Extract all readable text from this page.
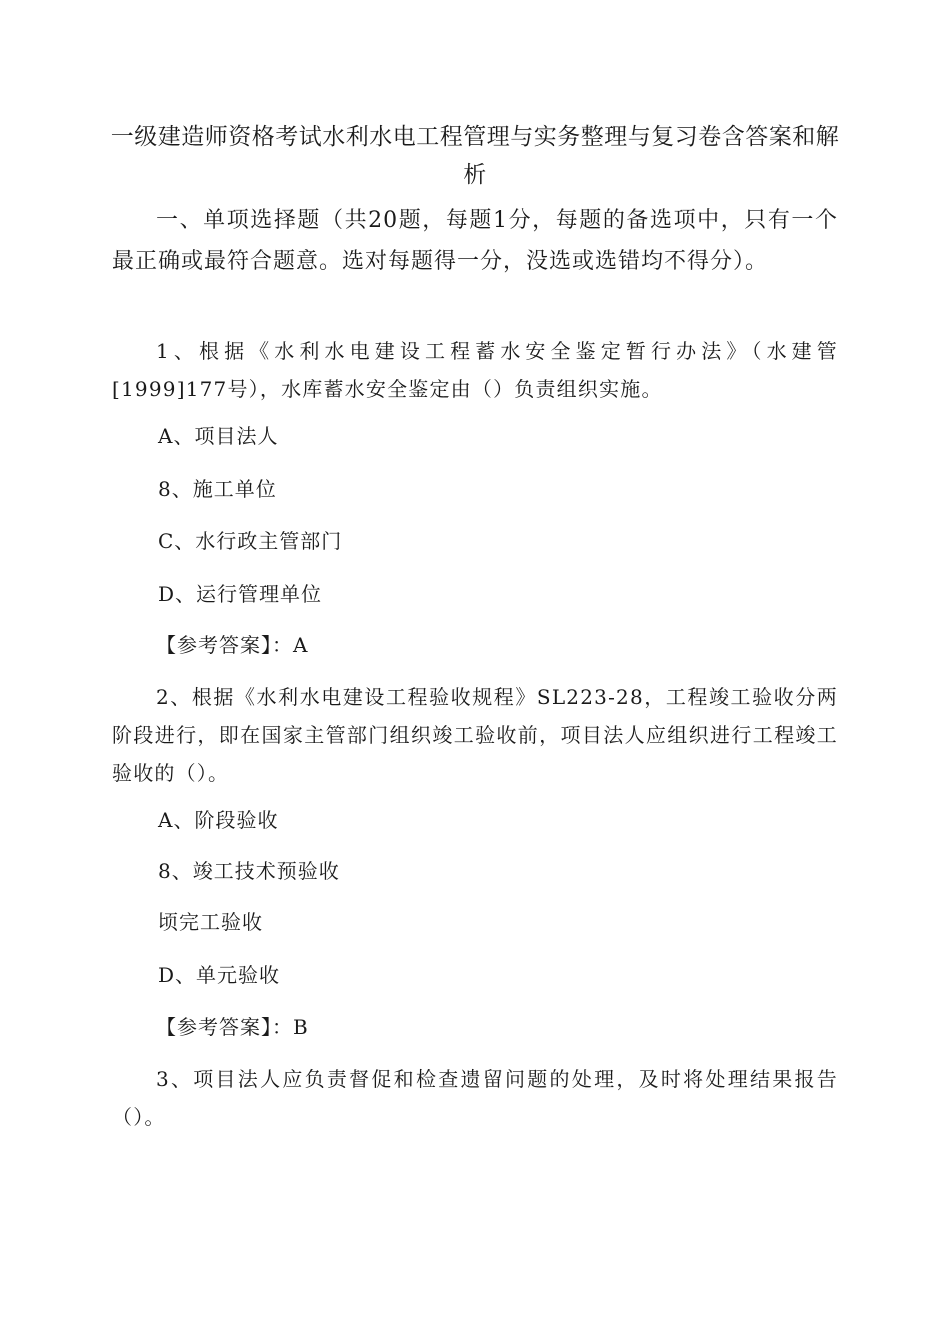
一级建造师资格考试水利水电工程管理与实务整理与复习卷含答案和解析
一、单项选择题（共20题，每题1分，每题的备选项中，只有一个最正确或最符合题意。选对每题得一分，没选或选错均不得分）。
1、根据《水利水电建设工程蓄水安全鉴定暂行办法》（水建管[1999]177号），水库蓄水安全鉴定由（）负责组织实施。
A、项目法人
8、施工单位
C、水行政主管部门
D、运行管理单位
【参考答案】：A
2、根据《水利水电建设工程验收规程》SL223-28，工程竣工验收分两阶段进行，即在国家主管部门组织竣工验收前，项目法人应组织进行工程竣工验收的（）。
A、阶段验收
8、竣工技术预验收
顷完工验收
D、单元验收
【参考答案】：B
3、项目法人应负责督促和检查遗留问题的处理，及时将处理结果报告（）。
